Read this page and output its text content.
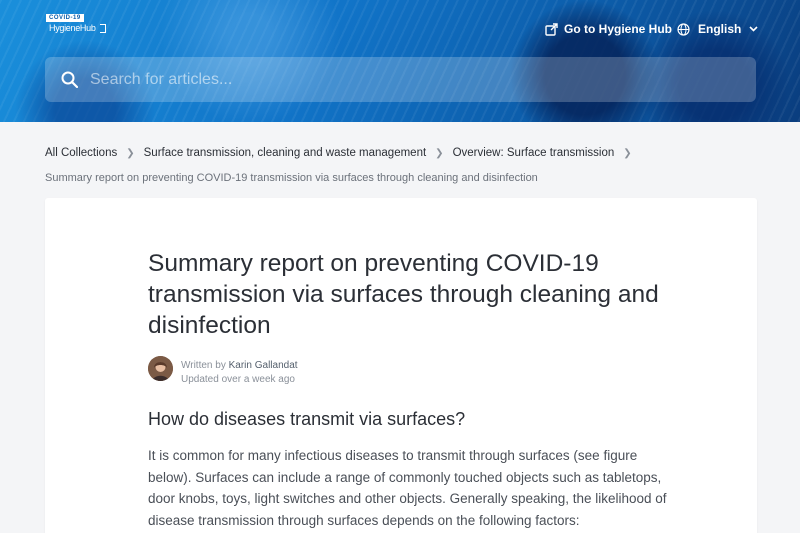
COVID-19
HygieneHub	Go to Hygiene Hub English
Search for articles...
All Collections ❯ Surface transmission, cleaning and waste management ❯ Overview: Surface transmission ❯
Summary report on preventing COVID-19 transmission via surfaces through cleaning and disinfection
Summary report on preventing COVID-19 transmission via surfaces through cleaning and disinfection
Written by Karin Gallandat
Updated over a week ago
How do diseases transmit via surfaces?

It is common for many infectious diseases to transmit through surfaces (see figure below). Surfaces can include a range of commonly touched objects such as tabletops, door knobs, toys, light switches and other objects. Generally speaking, the likelihood of disease transmission through surfaces depends on the following factors:
